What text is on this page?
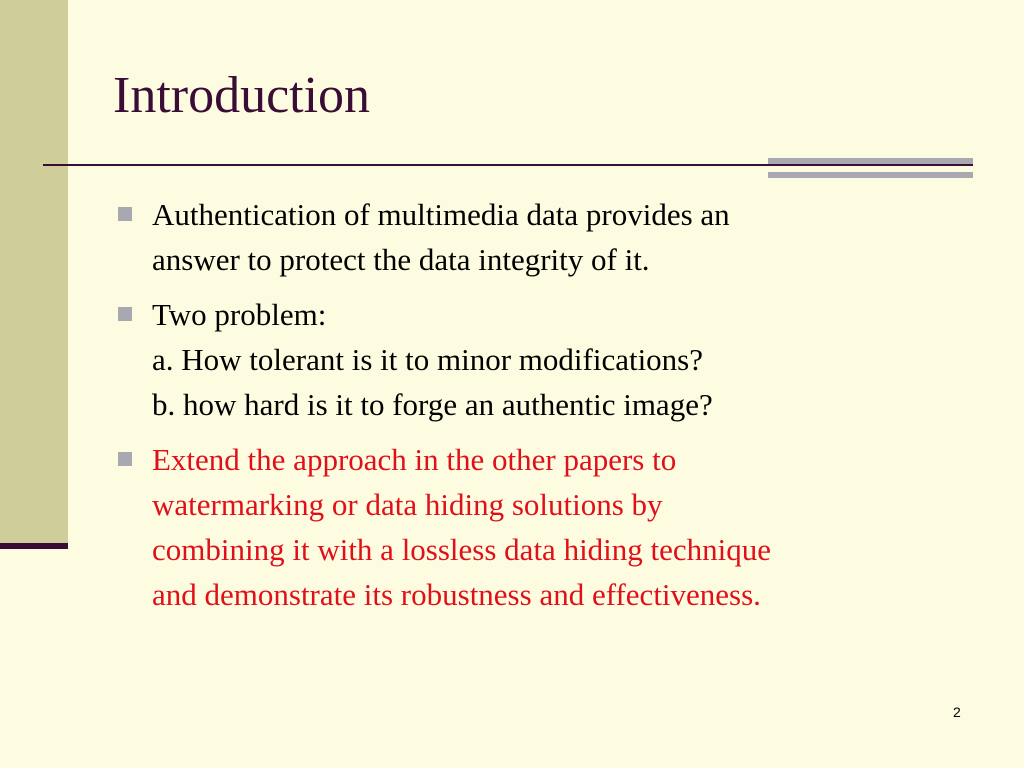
Introduction
Authentication of multimedia data provides an
answer to protect the data integrity of it.
Two problem:
a. How tolerant is it to minor modifications?
b. how hard is it to forge an authentic image?
Extend the approach in the other papers to
watermarking or data hiding solutions by
combining it with a lossless data hiding technique
and demonstrate its robustness and effectiveness.
2
